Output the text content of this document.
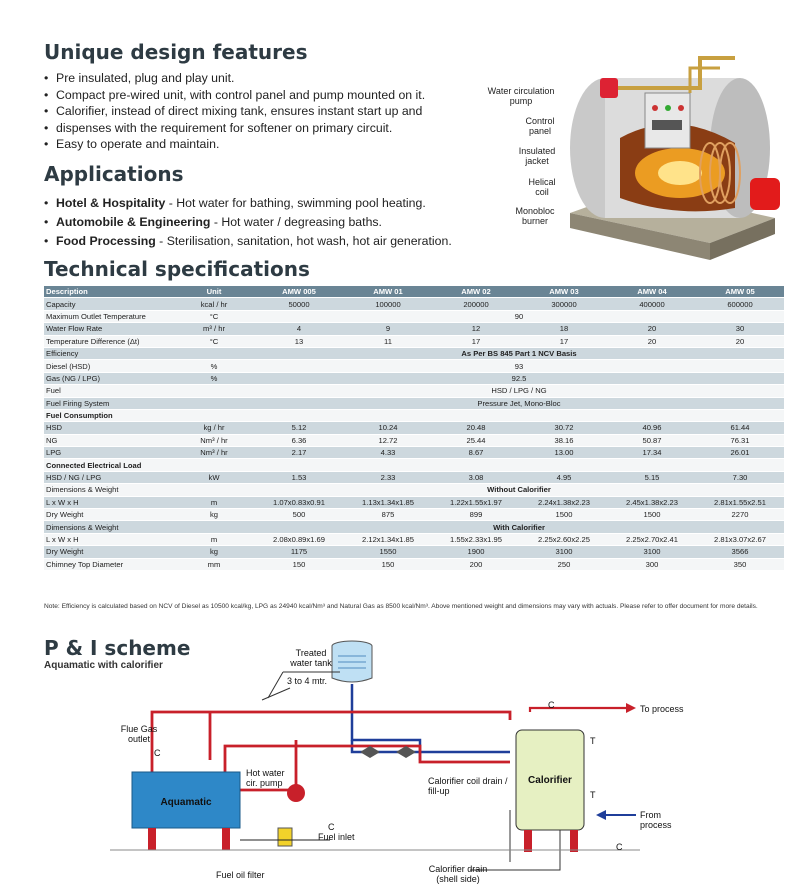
Unique design features
• Pre insulated, plug and play unit.
• Compact pre-wired unit, with control panel and pump mounted on it.
• Calorifier, instead of direct mixing tank, ensures instant start up and
• dispenses with the requirement for softener on primary circuit.
• Easy to operate and maintain.
Applications
• Hotel & Hospitality - Hot water for bathing, swimming pool heating.
• Automobile & Engineering - Hot water / degreasing baths.
• Food Processing - Sterilisation, sanitation, hot wash, hot air generation.
Water circulation pump
Control panel
Insulated jacket
Helical coil
Monobloc burner
Technical specifications
Description	Unit	AMW 005	AMW 01	AMW 02	AMW 03	AMW 04	AMW 05
Capacity	kcal / hr	50000	100000	200000	300000	400000	600000
Maximum Outlet Temperature	°C	90					
Water Flow Rate	m³ / hr	4	9	12	18	20	30
Temperature Difference (Δt)	°C	13	11	17	17	20	20
Efficiency		As Per BS 845 Part 1 NCV Basis					
Diesel (HSD)	%	93					
Gas (NG / LPG)	%	92.5					
Fuel		HSD / LPG / NG					
Fuel Firing System		Pressure Jet, Mono-Bloc					
Fuel Consumption							
HSD	kg / hr	5.12	10.24	20.48	30.72	40.96	61.44
NG	Nm³ / hr	6.36	12.72	25.44	38.16	50.87	76.31
LPG	Nm³ / hr	2.17	4.33	8.67	13.00	17.34	26.01
Connected Electrical Load							
HSD / NG / LPG	kW	1.53	2.33	3.08	4.95	5.15	7.30
Dimensions & Weight		Without Calorifier					
L x W x H	m	1.07x0.83x0.91	1.13x1.34x1.85	1.22x1.55x1.97	2.24x1.38x2.23	2.45x1.38x2.23	2.81x1.55x2.51
Dry Weight	kg	500	875	899	1500	1500	2270
Dimensions & Weight		With Calorifier					
L x W x H	m	2.08x0.89x1.69	2.12x1.34x1.85	1.55x2.33x1.95	2.25x2.60x2.25	2.25x2.70x2.41	2.81x3.07x2.67
Dry Weight	kg	1175	1550	1900	3100	3100	3566
Chimney Top Diameter	mm	150	150	200	250	300	350
Note: Efficiency is calculated based on NCV of Diesel as 10500 kcal/kg, LPG as 24940 kcal/Nm³ and Natural Gas as 8500 kcal/Nm³. Above mentioned weight and dimensions may vary with actuals. Please refer to offer document for more details.
P & I scheme
Aquamatic with calorifier
Treated water tank
3 to 4 mtr.
Flue Gas outlet
C
Hot water cir. pump
Aquamatic
C
Fuel inlet
Fuel oil filter
Calorifier
To process
From process
Calorifier coil drain / fill-up
Calorifier drain (shell side)
T
T
C
C
